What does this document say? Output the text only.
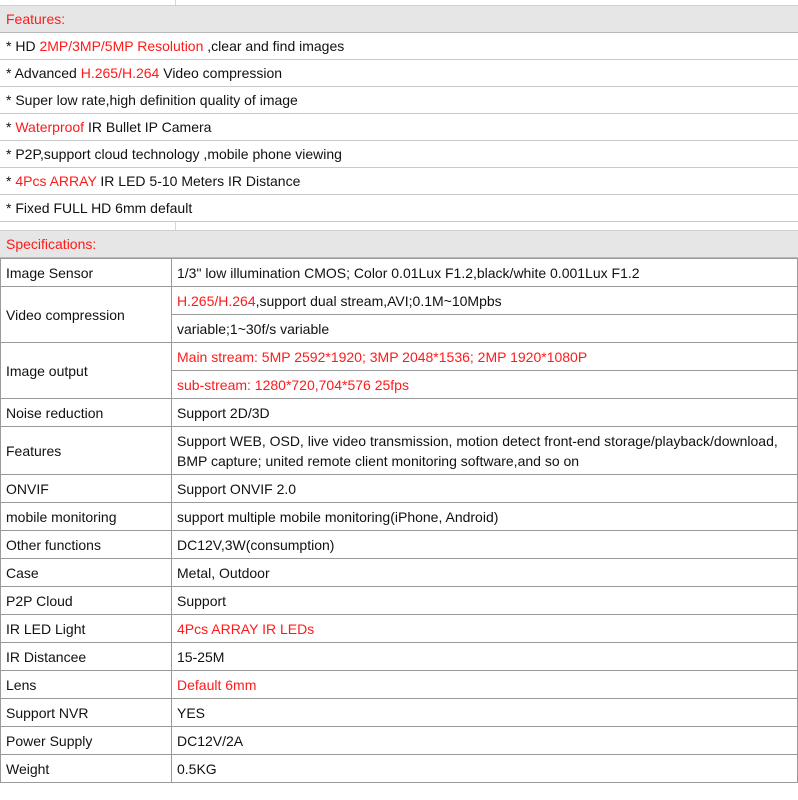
Features:
* HD 2MP/3MP/5MP Resolution ,clear and find images
* Advanced H.265/H.264 Video compression
* Super low rate,high definition quality of image
* Waterproof IR Bullet IP Camera
* P2P,support cloud technology ,mobile phone viewing
* 4Pcs ARRAY IR LED 5-10 Meters IR Distance
* Fixed FULL HD 6mm default
Specifications:
Image Sensor	1/3" low illumination CMOS; Color 0.01Lux F1.2,black/white 0.001Lux F1.2
Video compression	H.265/H.264,support dual stream,AVI;0.1M~10Mpbs
	variable;1~30f/s variable
Image output	Main stream: 5MP 2592*1920; 3MP 2048*1536; 2MP 1920*1080P
	sub-stream: 1280*720,704*576 25fps
Noise reduction	Support 2D/3D
Features	Support WEB, OSD, live video transmission, motion detect front-end storage/playback/download, BMP capture; united remote client monitoring software,and so on
ONVIF	Support ONVIF 2.0
mobile monitoring	support multiple mobile monitoring(iPhone, Android)
Other functions	DC12V,3W(consumption)
Case	Metal, Outdoor
P2P Cloud	Support
IR LED Light	4Pcs ARRAY IR LEDs
IR Distancee	15-25M
Lens	Default 6mm
Support NVR	YES
Power Supply	DC12V/2A
Weight	0.5KG
